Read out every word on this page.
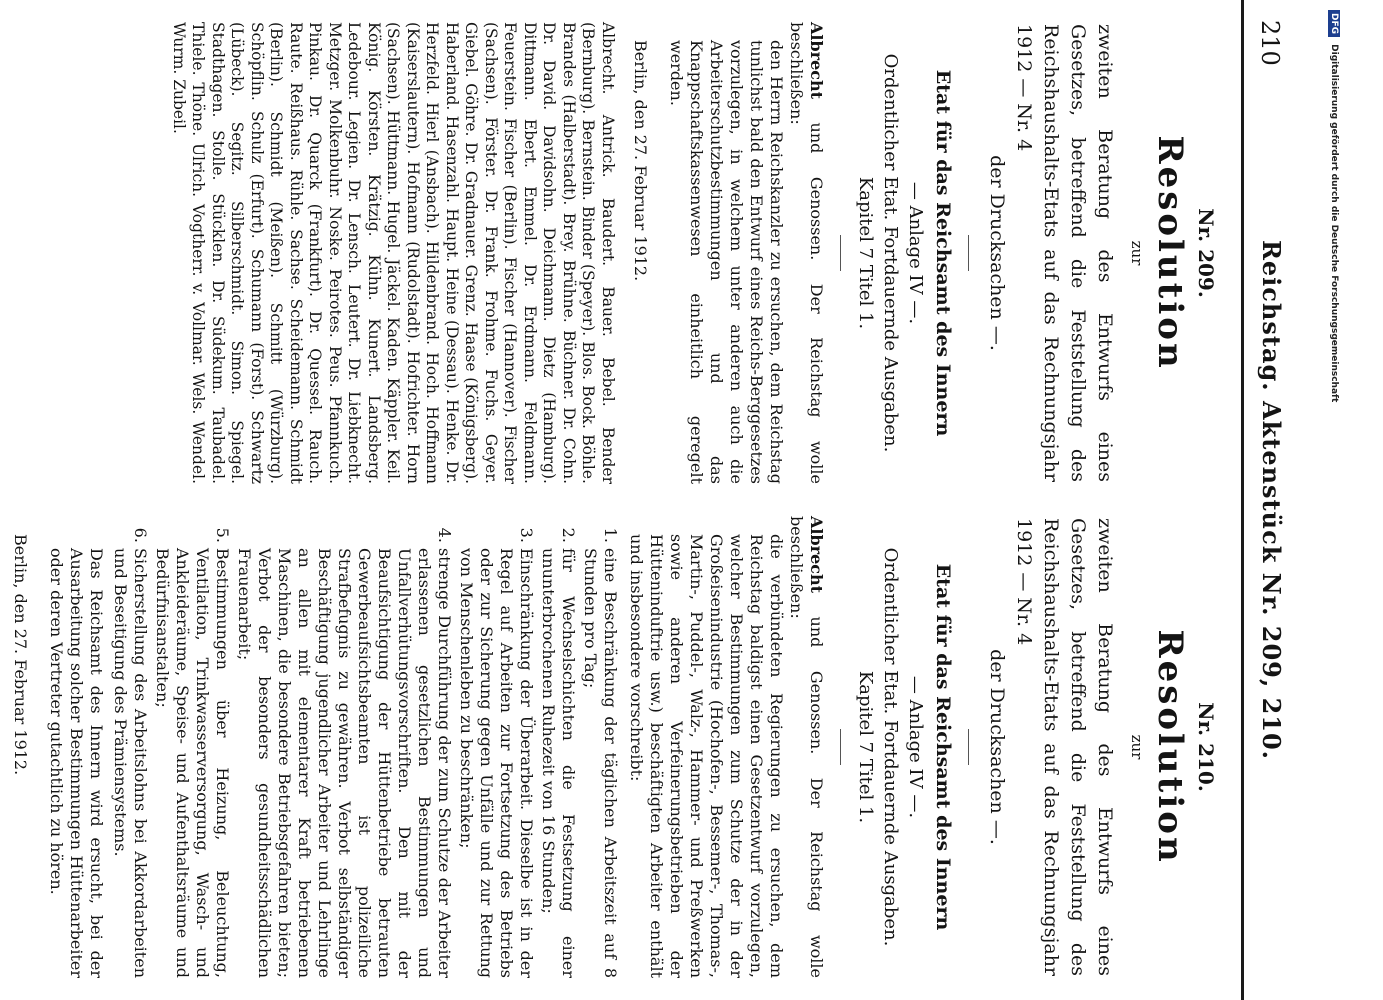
210
Reichstag. Aktenstück Nr. 209, 210.
Nr. 209.
Resolution
zur
zweiten Beratung des Entwurfs eines Gesetzes, betreffend die Feststellung des Reichshaushalts-Etats auf das Rechnungsjahr 1912 — Nr. 4
der Drucksachen —.
Etat für das Reichsamt des Innern
— Anlage IV —.
Ordentlicher Etat. Fortdauernde Ausgaben.
Kapitel 7 Titel 1.
Albrecht und Genossen. Der Reichstag wolle beschließen:
den Herrn Reichskanzler zu ersuchen, dem Reichstag tunlichst bald den Entwurf eines Reichs-Berggesetzes vorzulegen, in welchem unter anderen auch die Arbeiterschutzbestimmungen und das Knappschaftskassenwesen einheitlich geregelt werden.
Berlin, den 27. Februar 1912.
Albrecht. Antrick. Baudert. Bauer. Bebel. Bender (Bernburg). Bernstein. Binder (Speyer). Blos. Bock. Böhle. Brandes (Halberstadt). Brey. Brühne. Büchner. Dr. Cohn. Dr. David. Davidsohn. Deichmann. Dietz (Hamburg). Dittmann. Ebert. Emmel. Dr. Erdmann. Feldmann. Feuerstein. Fischer (Berlin). Fischer (Hannover). Fischer (Sachsen). Förster. Dr. Frank. Frohme. Fuchs. Geyer. Giebel. Göhre. Dr. Gradnauer. Grenz. Haase (Königsberg). Haberland. Hasenzahl. Haupt. Heine (Dessau). Henke. Dr. Herzfeld. Hierl (Ansbach). Hildenbrand. Hoch. Hoffmann (Kaiserslautern). Hofmann (Rudolstadt). Hofrichter. Horn (Sachsen). Hüttmann. Hugel. Jäckel. Kaden. Käppler. Keil. König. Körsten. Krätzig. Kühn. Kunert. Landsberg. Ledebour. Legien. Dr. Lensch. Leutert. Dr. Liebknecht. Metzger. Molkenbuhr. Noske. Peirotes. Peus. Pfannkuch. Pinkau. Dr. Quarck (Frankfurt). Dr. Quessel. Rauch. Raute. Reißhaus. Rühle. Sachse. Scheidemann. Schmidt (Berlin). Schmidt (Meißen). Schmitt (Würzburg). Schöpflin. Schulz (Erfurt). Schumann (Forst). Schwartz (Lübeck). Segitz. Silberschmidt. Simon. Spiegel. Stadthagen. Stolle. Stücklen. Dr. Südekum. Taubadel. Thiele. Thöne. Ulrich. Vogtherr. v. Vollmar. Wels. Wendel. Wurm. Zubeil.
Nr. 210.
Resolution
zur
zweiten Beratung des Entwurfs eines Gesetzes, betreffend die Feststellung des Reichshaushalts-Etats auf das Rechnungsjahr 1912 — Nr. 4
der Drucksachen —.
Etat für das Reichsamt des Innern
— Anlage IV —.
Ordentlicher Etat. Fortdauernde Ausgaben.
Kapitel 7 Titel 1.
Albrecht und Genossen. Der Reichstag wolle beschließen:
die verbündeten Regierungen zu ersuchen, dem Reichstag baldigst einen Gesetzentwurf vorzulegen, welcher Bestimmungen zum Schutze der in der Großeisenindustrie (Hochofen-, Bessemer-, Thomas-, Martin-, Puddel-, Walz-, Hammer- und Preßwerken sowie anderen Verfeinerungsbetrieben der Hütteninduftrie usw.) beschäftigten Arbeiter enthält und insbesondere vorschreibt:
1. eine Beschränkung der täglichen Arbeitszeit auf 8 Stunden pro Tag;
2. für Wechselschichten die Festsetzung einer ununterbrochenen Ruhezeit von 16 Stunden;
3. Einschränkung der Überarbeit. Dieselbe ist in der Regel auf Arbeiten zur Fortsetzung des Betriebs oder zur Sicherung gegen Unfälle und zur Rettung von Menschenleben zu beschränken;
4. strenge Durchführung der zum Schutze der Arbeiter erlassenen gesetzlichen Bestimmungen und Unfallverhütungsvorschriften. Den mit der Beaufsichtigung der Hüttenbetriebe betrauten Gewerbeaufsichtsbeamten ist polizeiliche Strafbefugnis zu gewähren. Verbot selbständiger Beschäftigung jugendlicher Arbeiter und Lehrlinge an allen mit elementarer Kraft betriebenen Maschinen, die besondere Betriebsgefahren bieten; Verbot der besonders gesundheitsschädlichen Frauenarbeit;
5. Bestimmungen über Heizung, Beleuchtung, Ventilation, Trinkwasserversorgung, Wasch- und Ankleideräume, Speise- und Aufenthaltsräume und Bedürfnisanstalten;
6. Sicherstellung des Arbeitslohns bei Akkordarbeiten und Beseitigung des Prämiensystems.
Das Reichsamt des Innern wird ersucht, bei der Ausarbeitung solcher Bestimmungen Hüttenarbeiter oder deren Vertreter gutachtlich zu hören.
Berlin, den 27. Februar 1912.
DFG Digitalisierung gefördert durch die Deutsche Forschungsgemeinschaft
